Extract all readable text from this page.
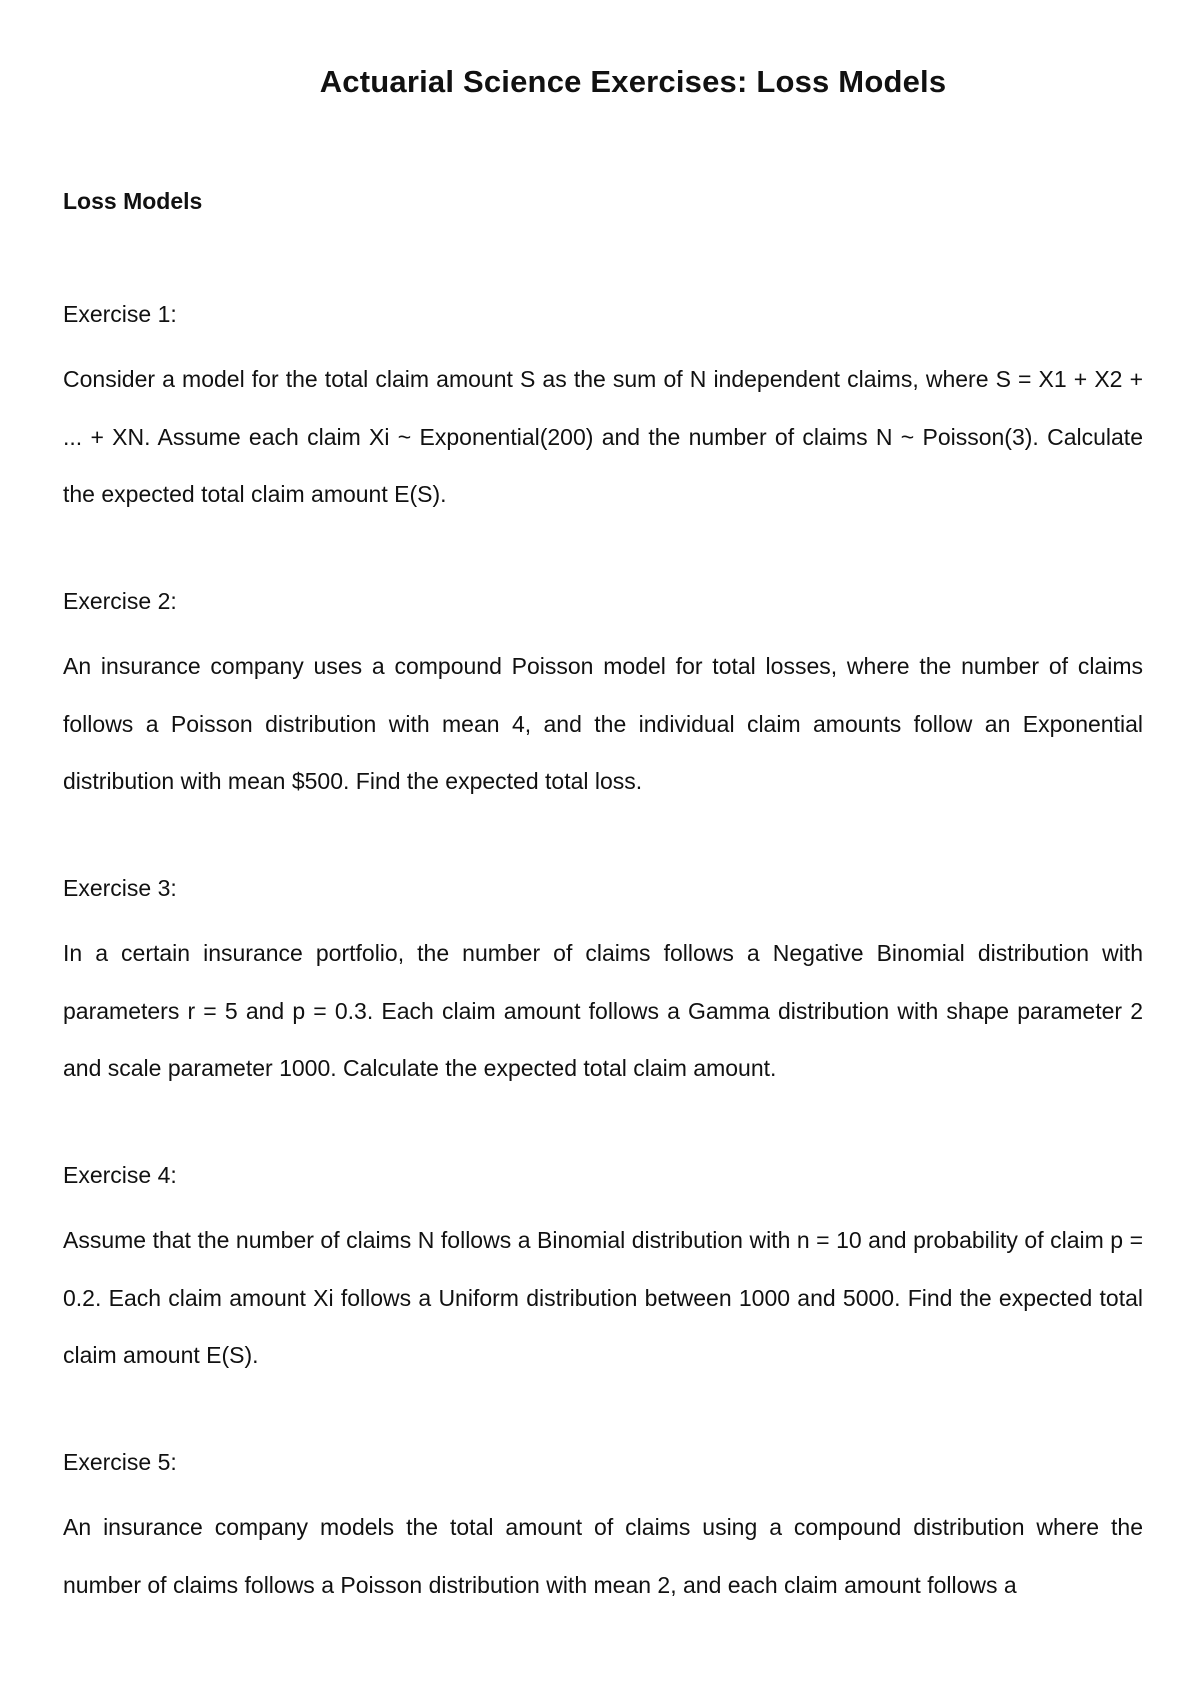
Actuarial Science Exercises: Loss Models
Loss Models

Exercise 1:

Consider a model for the total claim amount S as the sum of N independent claims, where S = X1 + X2 + ... + XN. Assume each claim Xi ~ Exponential(200) and the number of claims N ~ Poisson(3). Calculate the expected total claim amount E(S).

Exercise 2:

An insurance company uses a compound Poisson model for total losses, where the number of claims follows a Poisson distribution with mean 4, and the individual claim amounts follow an Exponential distribution with mean $500. Find the expected total loss.

Exercise 3:

In a certain insurance portfolio, the number of claims follows a Negative Binomial distribution with parameters r = 5 and p = 0.3. Each claim amount follows a Gamma distribution with shape parameter 2 and scale parameter 1000. Calculate the expected total claim amount.

Exercise 4:

Assume that the number of claims N follows a Binomial distribution with n = 10 and probability of claim p = 0.2. Each claim amount Xi follows a Uniform distribution between 1000 and 5000. Find the expected total claim amount E(S).

Exercise 5:

An insurance company models the total amount of claims using a compound distribution where the number of claims follows a Poisson distribution with mean 2, and each claim amount follows a
